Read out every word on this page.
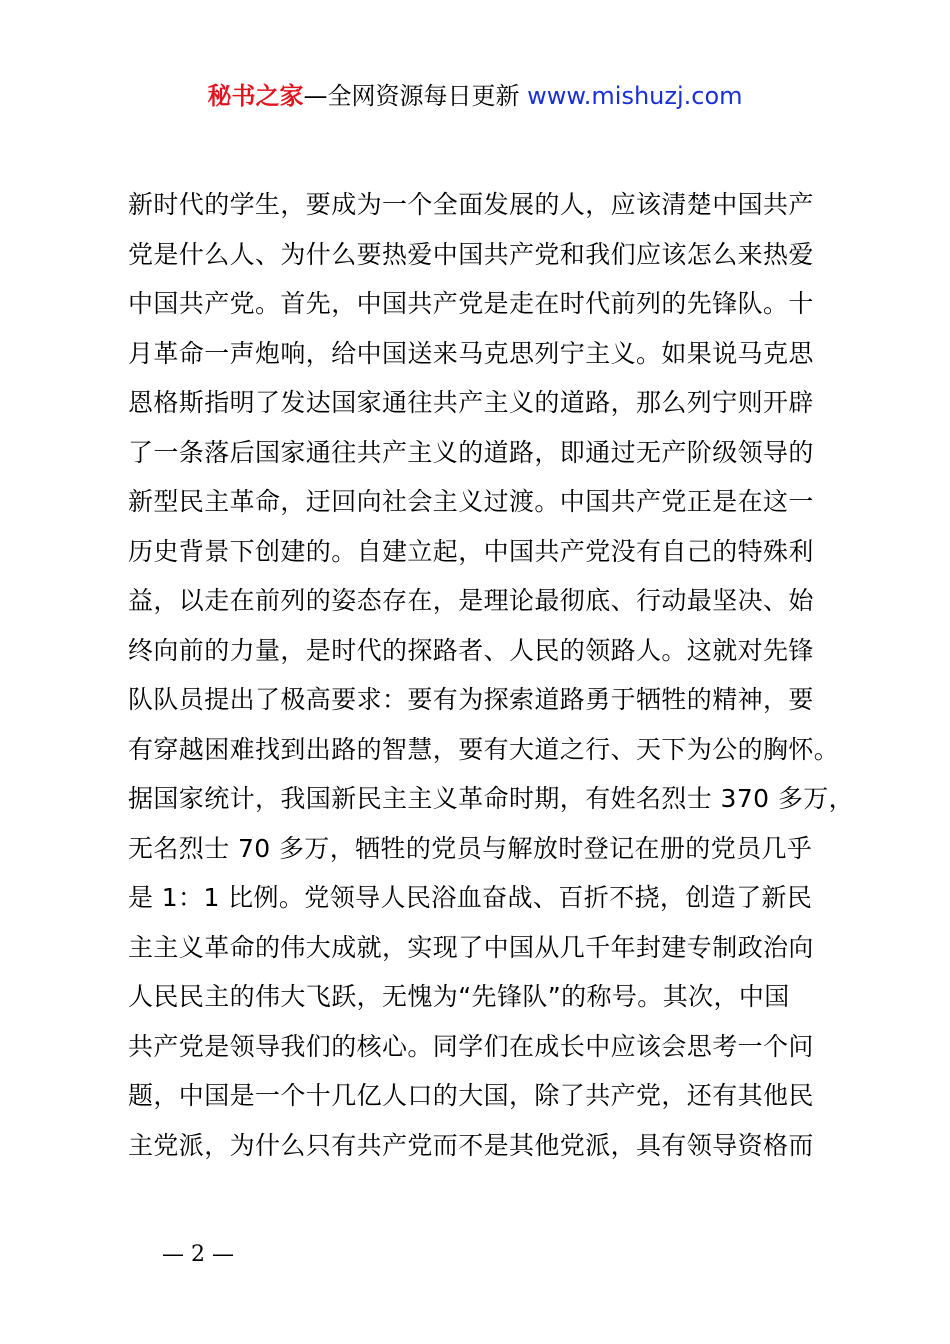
秘书之家—全网资源每日更新 www.mishuzj.com
新时代的学生，要成为一个全面发展的人，应该清楚中国共产
党是什么人、为什么要热爱中国共产党和我们应该怎么来热爱
中国共产党。首先，中国共产党是走在时代前列的先锋队。十
月革命一声炮响，给中国送来马克思列宁主义。如果说马克思
恩格斯指明了发达国家通往共产主义的道路，那么列宁则开辟
了一条落后国家通往共产主义的道路，即通过无产阶级领导的
新型民主革命，迂回向社会主义过渡。中国共产党正是在这一
历史背景下创建的。自建立起，中国共产党没有自己的特殊利
益，以走在前列的姿态存在，是理论最彻底、行动最坚决、始
终向前的力量，是时代的探路者、人民的领路人。这就对先锋
队队员提出了极高要求：要有为探索道路勇于牺牲的精神，要
有穿越困难找到出路的智慧，要有大道之行、天下为公的胸怀。
据国家统计，我国新民主主义革命时期，有姓名烈士 370 多万，
无名烈士 70 多万，牺牲的党员与解放时登记在册的党员几乎
是 1：1 比例。党领导人民浴血奋战、百折不挠，创造了新民
主主义革命的伟大成就，实现了中国从几千年封建专制政治向
人民民主的伟大飞跃，无愧为“先锋队”的称号。其次，中国
共产党是领导我们的核心。同学们在成长中应该会思考一个问
题，中国是一个十几亿人口的大国，除了共产党，还有其他民
主党派，为什么只有共产党而不是其他党派，具有领导资格而
— 2 —
